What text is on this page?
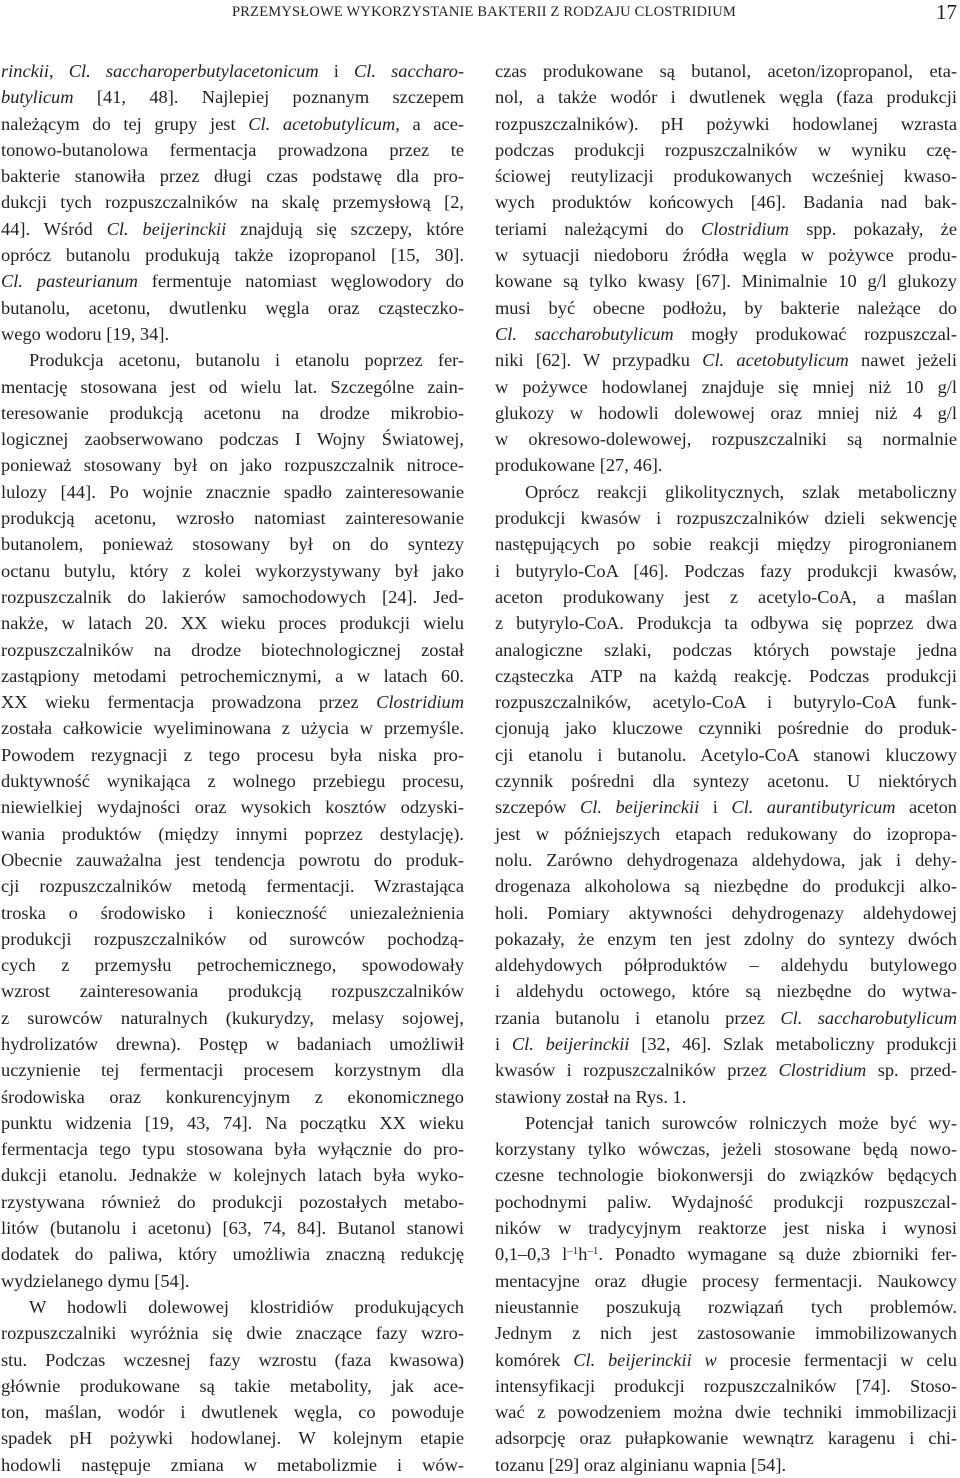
PRZEMYSŁOWE WYKORZYSTANIE BAKTERII Z RODZAJU CLOSTRIDIUM	17
rinckii, Cl. saccharoperbutylacetonicum i Cl. saccharo-
butylicum [41, 48]. Najlepiej poznanym szczepem
należącym do tej grupy jest Cl. acetobutylicum, a ace-
tonowo-butanolowa fermentacja prowadzona przez te
bakterie stanowiła przez długi czas podstawę dla pro-
dukcji tych rozpuszczalników na skalę przemysłową [2,
44]. Wśród Cl. beijerinckii znajdują się szczepy, które
oprócz butanolu produkują także izopropanol [15, 30].
Cl. pasteurianum fermentuje natomiast węglowodory do
butanolu, acetonu, dwutlenku węgla oraz cząsteczko-
wego wodoru [19, 34].
Produkcja acetonu, butanolu i etanolu poprzez fer-
mentację stosowana jest od wielu lat. Szczególne zain-
teresowanie produkcją acetonu na drodze mikrobio-
logicznej zaobserwowano podczas I Wojny Światowej,
ponieważ stosowany był on jako rozpuszczalnik nitroce-
lulozy [44]. Po wojnie znacznie spadło zainteresowanie
produkcją acetonu, wzrosło natomiast zainteresowanie
butanolem, ponieważ stosowany był on do syntezy
octanu butylu, który z kolei wykorzystywany był jako
rozpuszczalnik do lakierów samochodowych [24]. Jed-
nakże, w latach 20. XX wieku proces produkcji wielu
rozpuszczalników na drodze biotechnologicznej został
zastąpiony metodami petrochemicznymi, a w latach 60.
XX wieku fermentacja prowadzona przez Clostridium
została całkowicie wyeliminowana z użycia w przemyśle.
Powodem rezygnacji z tego procesu była niska pro-
duktywność wynikająca z wolnego przebiegu procesu,
niewielkiej wydajności oraz wysokich kosztów odzyski-
wania produktów (między innymi poprzez destylację).
Obecnie zauważalna jest tendencja powrotu do produk-
cji rozpuszczalników metodą fermentacji. Wzrastająca
troska o środowisko i konieczność uniezależnienia
produkcji rozpuszczalników od surowców pochodzą-
cych z przemysłu petrochemicznego, spowodowały
wzrost zainteresowania produkcją rozpuszczalników
z surowców naturalnych (kukurydzy, melasy sojowej,
hydrolizatów drewna). Postęp w badaniach umożliwił
uczynienie tej fermentacji procesem korzystnym dla
środowiska oraz konkurencyjnym z ekonomicznego
punktu widzenia [19, 43, 74]. Na początku XX wieku
fermentacja tego typu stosowana była wyłącznie do pro-
dukcji etanolu. Jednakże w kolejnych latach była wyko-
rzystywana również do produkcji pozostałych metabo-
litów (butanolu i acetonu) [63, 74, 84]. Butanol stanowi
dodatek do paliwa, który umożliwia znaczną redukcję
wydzielanego dymu [54].
W hodowli dolewowej klostridiów produkujących
rozpuszczalniki wyróżnia się dwie znaczące fazy wzro-
stu. Podczas wczesnej fazy wzrostu (faza kwasowa)
głównie produkowane są takie metabolity, jak ace-
ton, maślan, wodór i dwutlenek węgla, co powoduje
spadek pH pożywki hodowlanej. W kolejnym etapie
hodowli następuje zmiana w metabolizmie i wów-
czas produkowane są butanol, aceton/izopropanol, eta-
nol, a także wodór i dwutlenek węgla (faza produkcji
rozpuszczalników). pH pożywki hodowlanej wzrasta
podczas produkcji rozpuszczalników w wyniku czę-
ściowej reutylizacji produkowanych wcześniej kwaso-
wych produktów końcowych [46]. Badania nad bak-
teriami należącymi do Clostridium spp. pokazały, że
w sytuacji niedoboru źródła węgla w pożywce produ-
kowane są tylko kwasy [67]. Minimalnie 10 g/l glukozy
musi być obecne podłożu, by bakterie należące do
Cl. saccharobutylicum mogły produkować rozpuszczal-
niki [62]. W przypadku Cl. acetobutylicum nawet jeżeli
w pożywce hodowlanej znajduje się mniej niż 10 g/l
glukozy w hodowli dolewowej oraz mniej niż 4 g/l
w okresowo-dolewowej, rozpuszczalniki są normalnie
produkowane [27, 46].
Oprócz reakcji glikolitycznych, szlak metaboliczny
produkcji kwasów i rozpuszczalników dzieli sekwencję
następujących po sobie reakcji między pirogronianem
i butyrylo-CoA [46]. Podczas fazy produkcji kwasów,
aceton produkowany jest z acetylo-CoA, a maślan
z butyrylo-CoA. Produkcja ta odbywa się poprzez dwa
analogiczne szlaki, podczas których powstaje jedna
cząsteczka ATP na każdą reakcję. Podczas produkcji
rozpuszczalników, acetylo-CoA i butyrylo-CoA funk-
cjonują jako kluczowe czynniki pośrednie do produk-
cji etanolu i butanolu. Acetylo-CoA stanowi kluczowy
czynnik pośredni dla syntezy acetonu. U niektórych
szczepów Cl. beijerinckii i Cl. aurantibutyricum aceton
jest w późniejszych etapach redukowany do izopropa-
nolu. Zarówno dehydrogenaza aldehydowa, jak i dehy-
drogenaza alkoholowa są niezbędne do produkcji alko-
holi. Pomiary aktywności dehydrogenazy aldehydowej
pokazały, że enzym ten jest zdolny do syntezy dwóch
aldehydowych półproduktów – aldehydu butylowego
i aldehydu octowego, które są niezbędne do wytwa-
rzania butanolu i etanolu przez Cl. saccharobutylicum
i Cl. beijerinckii [32, 46]. Szlak metaboliczny produkcji
kwasów i rozpuszczalników przez Clostridium sp. przed-
stawiony został na Rys. 1.
Potencjał tanich surowców rolniczych może być wy-
korzystany tylko wówczas, jeżeli stosowane będą nowo-
czesne technologie biokonwersji do związków będących
pochodnymi paliw. Wydajność produkcji rozpuszczal-
ników w tradycyjnym reaktorze jest niska i wynosi
0,1–0,3 $l^{-1}h^{-1}$. Ponadto wymagane są duże zbiorniki fer-
mentacyjne oraz długie procesy fermentacji. Naukowcy
nieustannie poszukują rozwiązań tych problemów.
Jednym z nich jest zastosowanie immobilizowanych
komórek Cl. beijerinckii w procesie fermentacji w celu
intensyfikacji produkcji rozpuszczalników [74]. Stoso-
wać z powodzeniem można dwie techniki immobilizacji
adsorpcję oraz pułapkowanie wewnątrz karagenu i chi-
tozanu [29] oraz alginianu wapnia [54].
